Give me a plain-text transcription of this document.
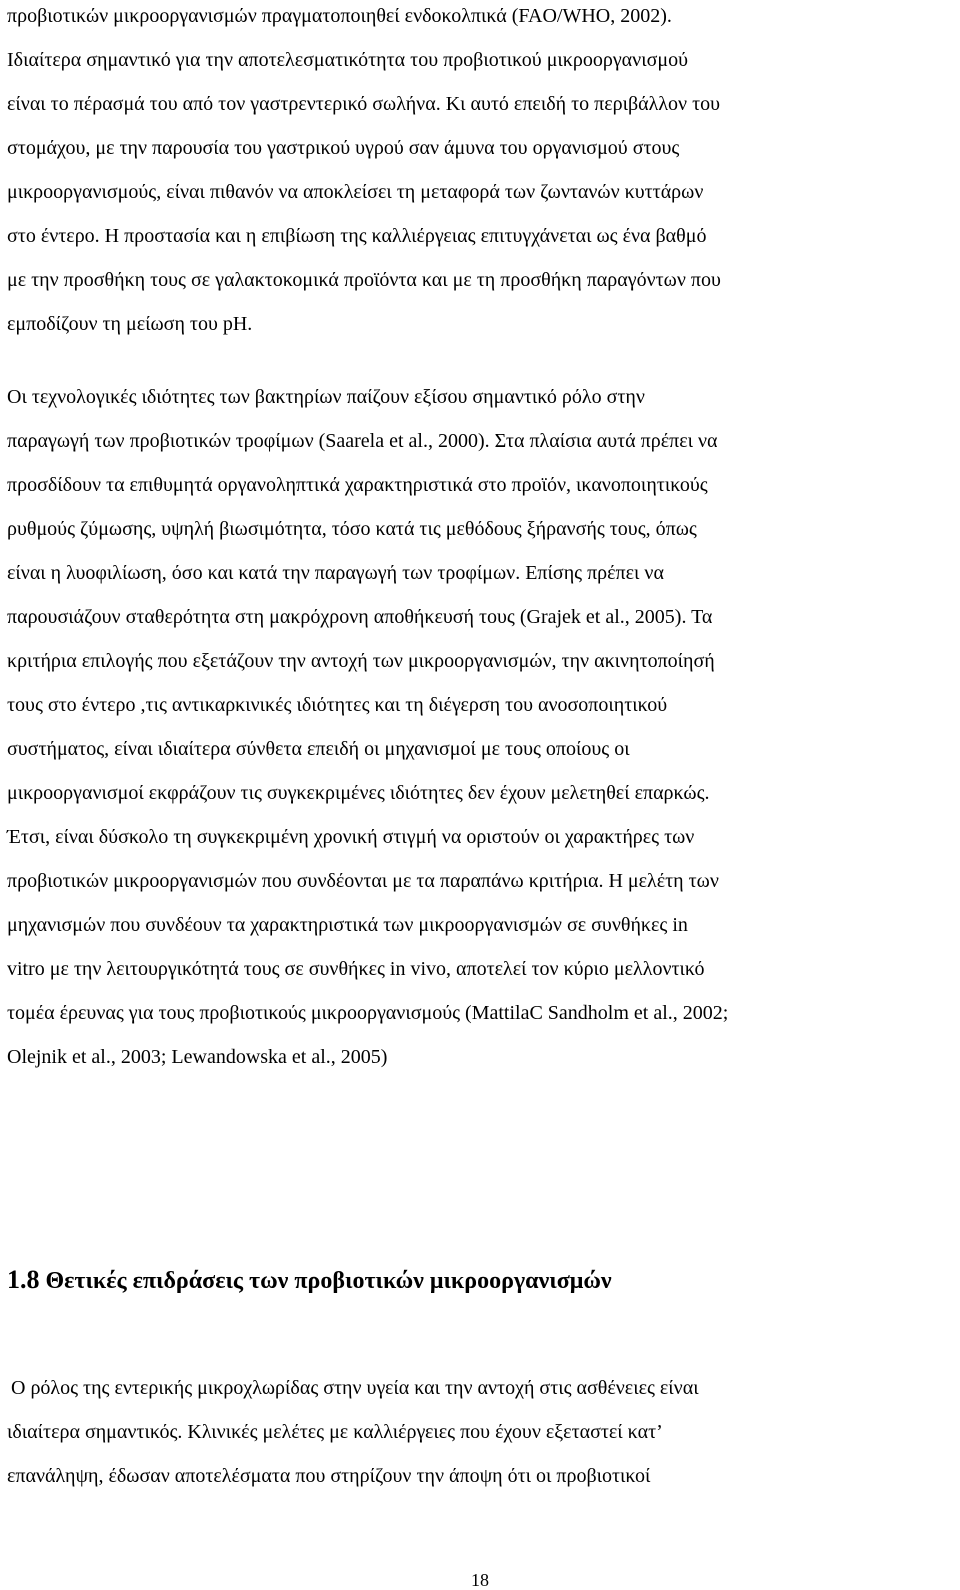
προβιοτικών μικροοργανισμών πραγματοποιηθεί ενδοκολπικά (FAO/WHO, 2002).
Ιδιαίτερα σημαντικό για την αποτελεσματικότητα του προβιοτικού μικροοργανισμού
είναι το πέρασμά του από τον γαστρεντερικό σωλήνα. Κι αυτό επειδή το περιβάλλον του
στομάχου, με την παρουσία του γαστρικού υγρού σαν άμυνα του οργανισμού στους
μικροοργανισμούς, είναι πιθανόν να αποκλείσει τη μεταφορά των ζωντανών κυττάρων
στο έντερο. Η προστασία και η επιβίωση της καλλιέργειας επιτυγχάνεται ως ένα βαθμό
με την προσθήκη τους σε γαλακτοκομικά προϊόντα και με τη προσθήκη παραγόντων που
εμποδίζουν τη μείωση του pH.
Οι τεχνολογικές ιδιότητες των βακτηρίων παίζουν εξίσου σημαντικό ρόλο στην
παραγωγή των προβιοτικών τροφίμων (Saarela et al., 2000). Στα πλαίσια αυτά πρέπει να
προσδίδουν τα επιθυμητά οργανοληπτικά χαρακτηριστικά στο προϊόν, ικανοποιητικούς
ρυθμούς ζύμωσης, υψηλή βιωσιμότητα, τόσο κατά τις μεθόδους ξήρανσής τους, όπως
είναι η λυοφιλίωση, όσο και κατά την παραγωγή των τροφίμων. Επίσης πρέπει να
παρουσιάζουν σταθερότητα στη μακρόχρονη αποθήκευσή τους (Grajek et al., 2005). Τα
κριτήρια επιλογής που εξετάζουν την αντοχή των μικροοργανισμών, την ακινητοποίησή
τους στο έντερο ,τις αντικαρκινικές ιδιότητες και τη διέγερση του ανοσοποιητικού
συστήματος, είναι ιδιαίτερα σύνθετα επειδή οι μηχανισμοί με τους οποίους οι
μικροοργανισμοί εκφράζουν τις συγκεκριμένες ιδιότητες δεν έχουν μελετηθεί επαρκώς.
Έτσι, είναι δύσκολο τη συγκεκριμένη χρονική στιγμή να οριστούν οι χαρακτήρες των
προβιοτικών μικροοργανισμών που συνδέονται με τα παραπάνω κριτήρια. Η μελέτη των
μηχανισμών που συνδέουν τα χαρακτηριστικά των μικροοργανισμών σε συνθήκες in
vitro με την λειτουργικότητά τους σε συνθήκες in vivo, αποτελεί τον κύριο μελλοντικό
τομέα έρευνας για τους προβιοτικούς μικροοργανισμούς (MattilaC Sandholm et al., 2002;
Olejnik et al., 2003; Lewandowska et al., 2005)
1.8 Θετικές επιδράσεις των προβιοτικών μικροοργανισμών
Ο ρόλος της εντερικής μικροχλωρίδας στην υγεία και την αντοχή στις ασθένειες είναι
ιδιαίτερα σημαντικός. Κλινικές μελέτες με καλλιέργειες που έχουν εξεταστεί κατ’
επανάληψη, έδωσαν αποτελέσματα που στηρίζουν την άποψη ότι οι προβιοτικοί
18
